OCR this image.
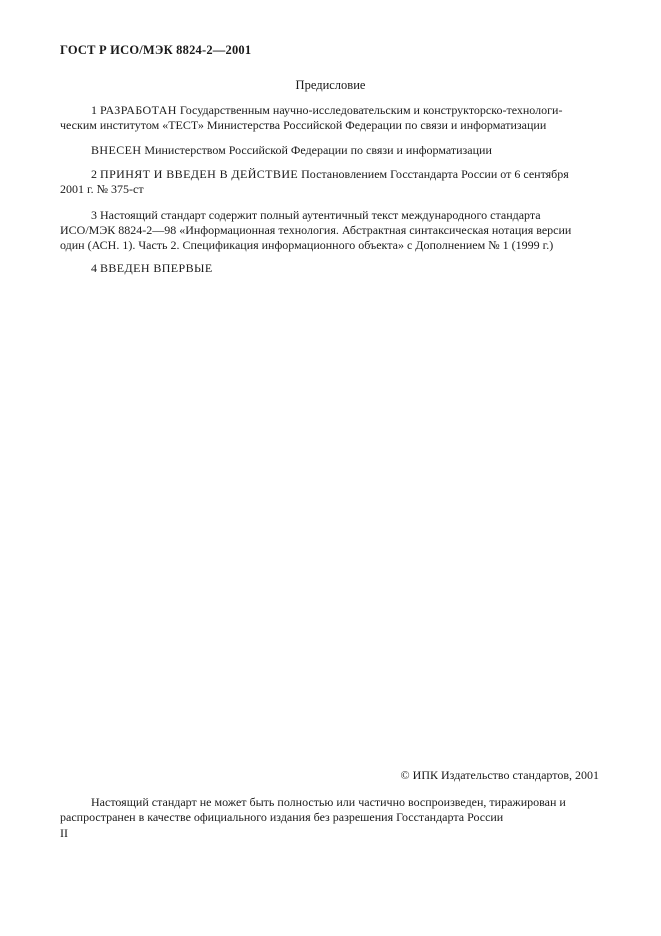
ГОСТ Р ИСО/МЭК 8824-2—2001
Предисловие
1 РАЗРАБОТАН Государственным научно-исследовательским и конструкторско-технологи-
ческим институтом «ТЕСТ» Министерства Российской Федерации по связи и информатизации
ВНЕСЕН Министерством Российской Федерации по связи и информатизации
2 ПРИНЯТ И ВВЕДЕН В ДЕЙСТВИЕ Постановлением Госстандарта России от 6 сентября
2001 г. № 375-ст
3 Настоящий стандарт содержит полный аутентичный текст международного стандарта
ИСО/МЭК 8824-2—98 «Информационная технология. Абстрактная синтаксическая нотация версии
один (АСН. 1). Часть 2. Спецификация информационного объекта» с Дополнением № 1 (1999 г.)
4 ВВЕДЕН ВПЕРВЫЕ
© ИПК Издательство стандартов, 2001
Настоящий стандарт не может быть полностью или частично воспроизведен, тиражирован и
распространен в качестве официального издания без разрешения Госстандарта России
II
